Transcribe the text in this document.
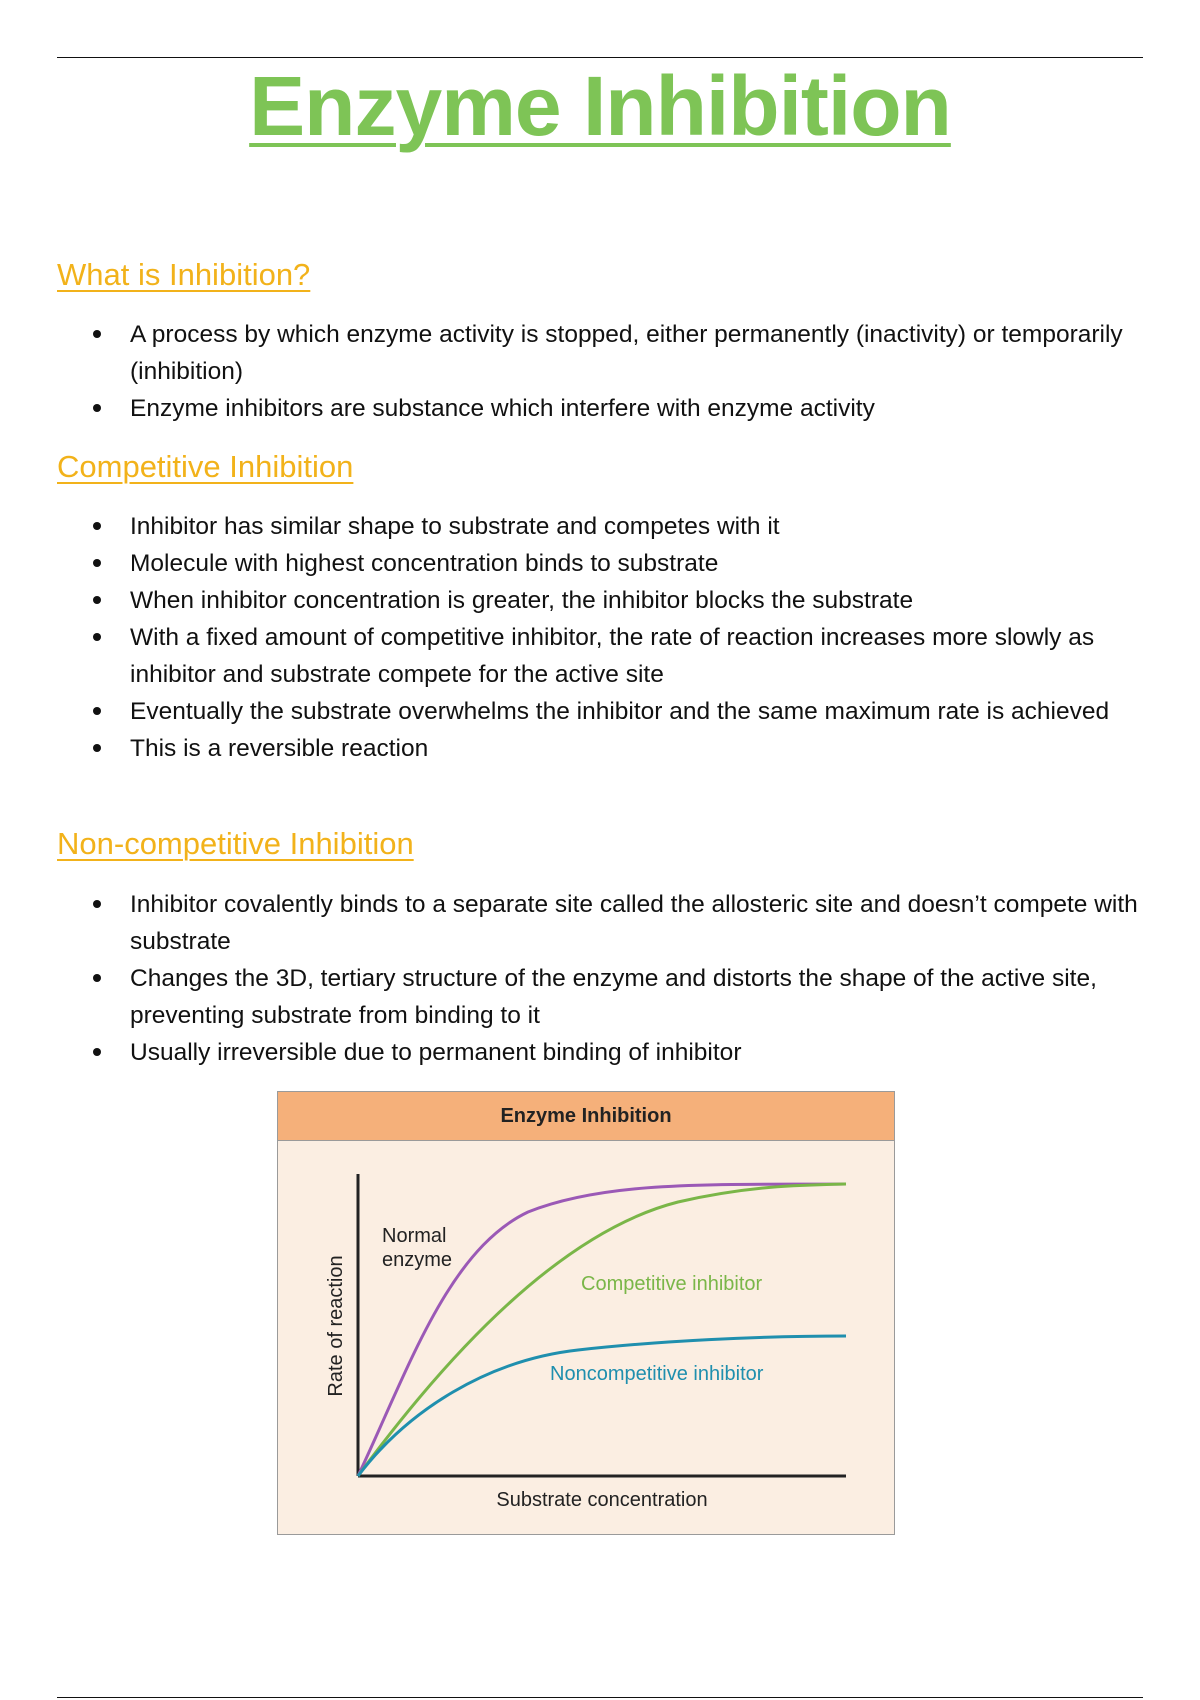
Enzyme Inhibition
What is Inhibition?
A process by which enzyme activity is stopped, either permanently (inactivity) or temporarily (inhibition)
Enzyme inhibitors are substance which interfere with enzyme activity
Competitive Inhibition
Inhibitor has similar shape to substrate and competes with it
Molecule with highest concentration binds to substrate
When inhibitor concentration is greater, the inhibitor blocks the substrate
With a fixed amount of competitive inhibitor, the rate of reaction increases more slowly as inhibitor and substrate compete for the active site
Eventually the substrate overwhelms the inhibitor and the same maximum rate is achieved
This is a reversible reaction
Non-competitive Inhibition
Inhibitor covalently binds to a separate site called the allosteric site and doesn’t compete with substrate
Changes the 3D, tertiary structure of the enzyme and distorts the shape of the active site, preventing substrate from binding to it
Usually irreversible due to permanent binding of inhibitor
Enzyme Inhibition
Normal
enzyme
Competitive inhibitor
Noncompetitive inhibitor
Substrate concentration
Rate of reaction
